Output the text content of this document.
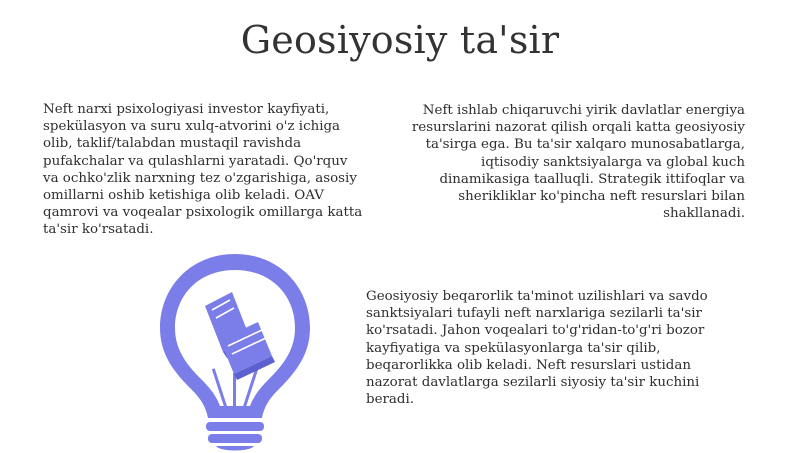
Geosiyosiy ta'sir

Neft narxi psixologiyasi investor kayfiyati, spekülasyon va suru xulq-atvorini o'z ichiga olib, taklif/talabdan mustaqil ravishda pufakchalar va qulashlarni yaratadi. Qo'rquv va ochko'zlik narxning tez o'zgarishiga, asosiy omillarni oshib ketishiga olib keladi. OAV qamrovi va voqealar psixologik omillarga katta ta'sir ko'rsatadi.

Neft ishlab chiqaruvchi yirik davlatlar energiya resurslarini nazorat qilish orqali katta geosiyosiy ta'sirga ega. Bu ta'sir xalqaro munosabatlarga, iqtisodiy sanktsiyalarga va global kuch dinamikasiga taalluqli. Strategik ittifoqlar va sherikliklar ko'pincha neft resurslari bilan shakllanadi.

Geosiyosiy beqarorlik ta'minot uzilishlari va savdo sanktsiyalari tufayli neft narxlariga sezilarli ta'sir ko'rsatadi. Jahon voqealari to'g'ridan-to'g'ri bozor kayfiyatiga va spekülasyonlarga ta'sir qilib, beqarorlikka olib keladi. Neft resurslari ustidan nazorat davlatlarga sezilarli siyosiy ta'sir kuchini beradi.
